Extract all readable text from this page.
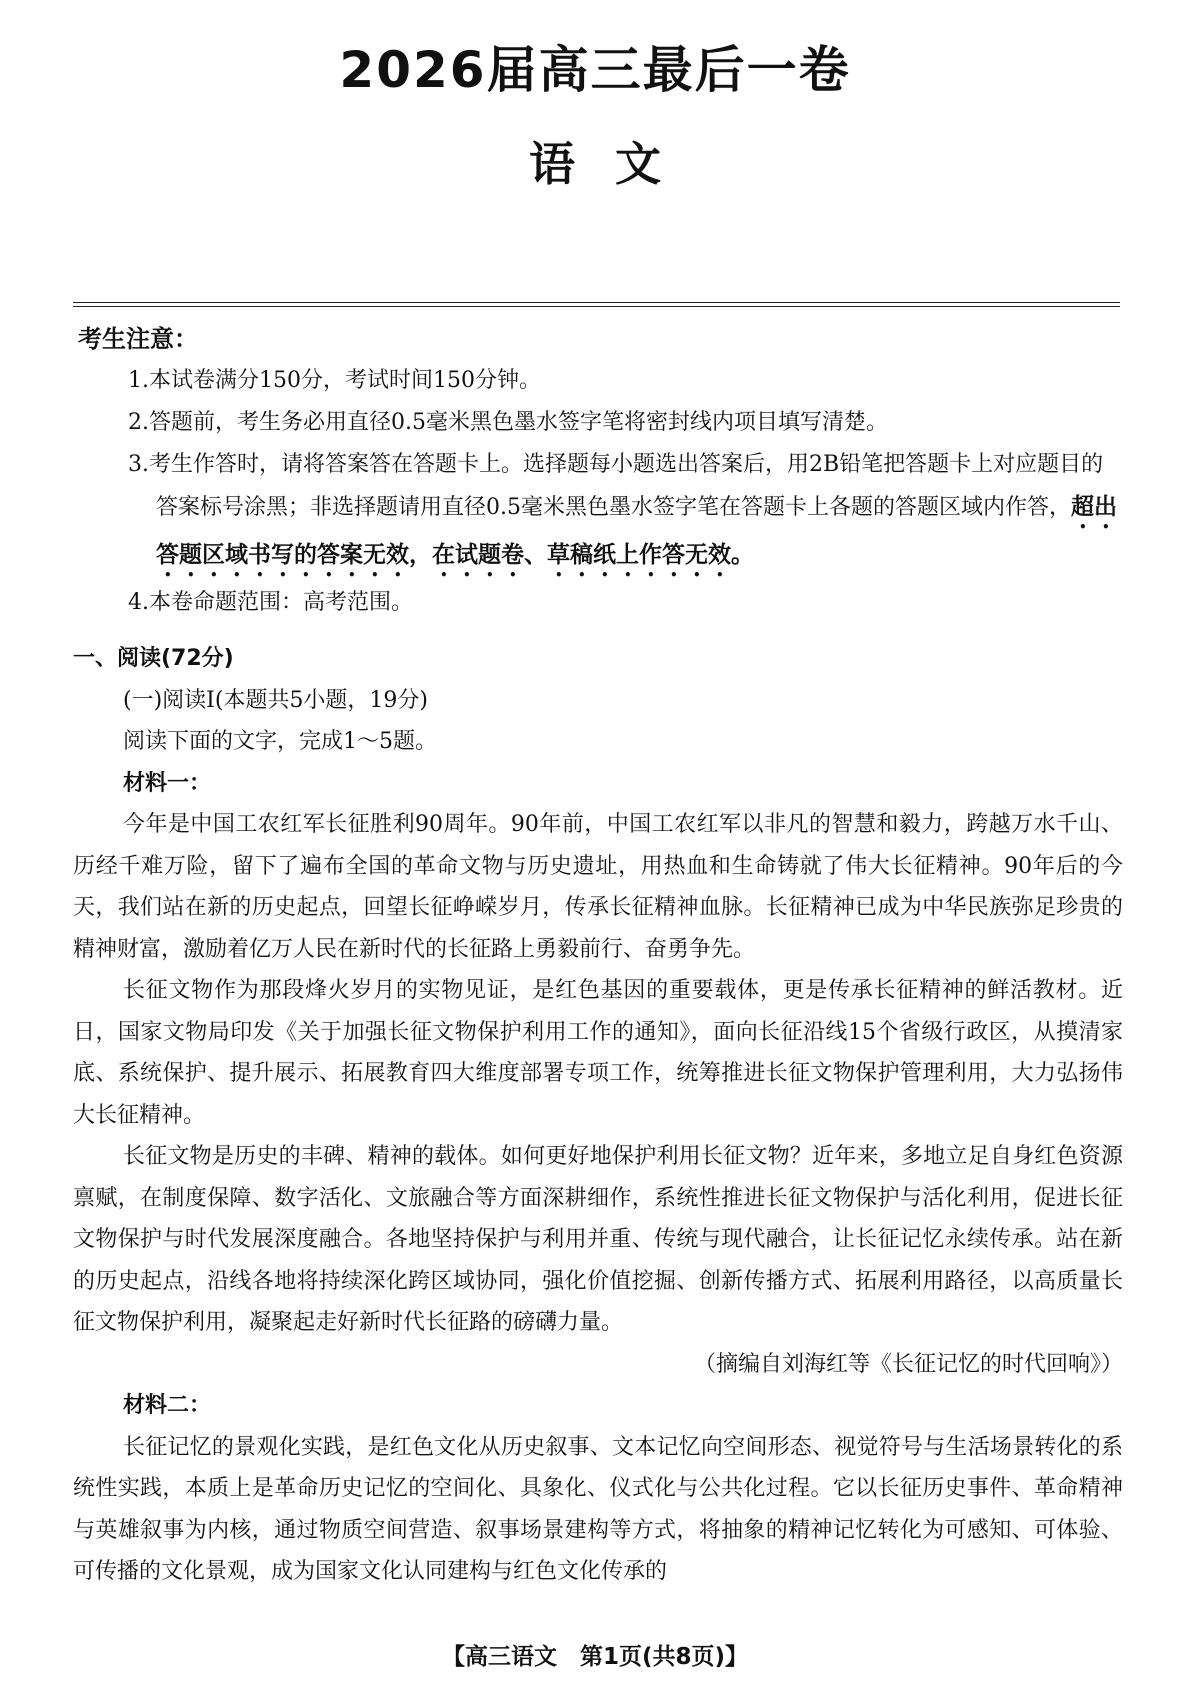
2026届高三最后一卷
语文

考生注意：

1.本试卷满分150分，考试时间150分钟。

2.答题前，考生务必用直径0.5毫米黑色墨水签字笔将密封线内项目填写清楚。

3.考生作答时，请将答案答在答题卡上。选择题每小题选出答案后，用2B铅笔把答题卡上对应题目的答案标号涂黑；非选择题请用直径0.5毫米黑色墨水签字笔在答题卡上各题的答题区域内作答，超出答题区域书写的答案无效，在试题卷、草稿纸上作答无效。

4.本卷命题范围：高考范围。

一、阅读(72分)

(一)阅读Ⅰ(本题共5小题，19分)

阅读下面的文字，完成1～5题。

材料一：

今年是中国工农红军长征胜利90周年。90年前，中国工农红军以非凡的智慧和毅力，跨越万水千山、历经千难万险，留下了遍布全国的革命文物与历史遗址，用热血和生命铸就了伟大长征精神。90年后的今天，我们站在新的历史起点，回望长征峥嵘岁月，传承长征精神血脉。长征精神已成为中华民族弥足珍贵的精神财富，激励着亿万人民在新时代的长征路上勇毅前行、奋勇争先。

长征文物作为那段烽火岁月的实物见证，是红色基因的重要载体，更是传承长征精神的鲜活教材。近日，国家文物局印发《关于加强长征文物保护利用工作的通知》，面向长征沿线15个省级行政区，从摸清家底、系统保护、提升展示、拓展教育四大维度部署专项工作，统筹推进长征文物保护管理利用，大力弘扬伟大长征精神。

长征文物是历史的丰碑、精神的载体。如何更好地保护利用长征文物？近年来，多地立足自身红色资源禀赋，在制度保障、数字活化、文旅融合等方面深耕细作，系统性推进长征文物保护与活化利用，促进长征文物保护与时代发展深度融合。各地坚持保护与利用并重、传统与现代融合，让长征记忆永续传承。站在新的历史起点，沿线各地将持续深化跨区域协同，强化价值挖掘、创新传播方式、拓展利用路径，以高质量长征文物保护利用，凝聚起走好新时代长征路的磅礴力量。

（摘编自刘海红等《长征记忆的时代回响》）

材料二：

长征记忆的景观化实践，是红色文化从历史叙事、文本记忆向空间形态、视觉符号与生活场景转化的系统性实践，本质上是革命历史记忆的空间化、具象化、仪式化与公共化过程。它以长征历史事件、革命精神与英雄叙事为内核，通过物质空间营造、叙事场景建构等方式，将抽象的精神记忆转化为可感知、可体验、可传播的文化景观，成为国家文化认同建构与红色文化传承的

【高三语文　第1页(共8页)】
